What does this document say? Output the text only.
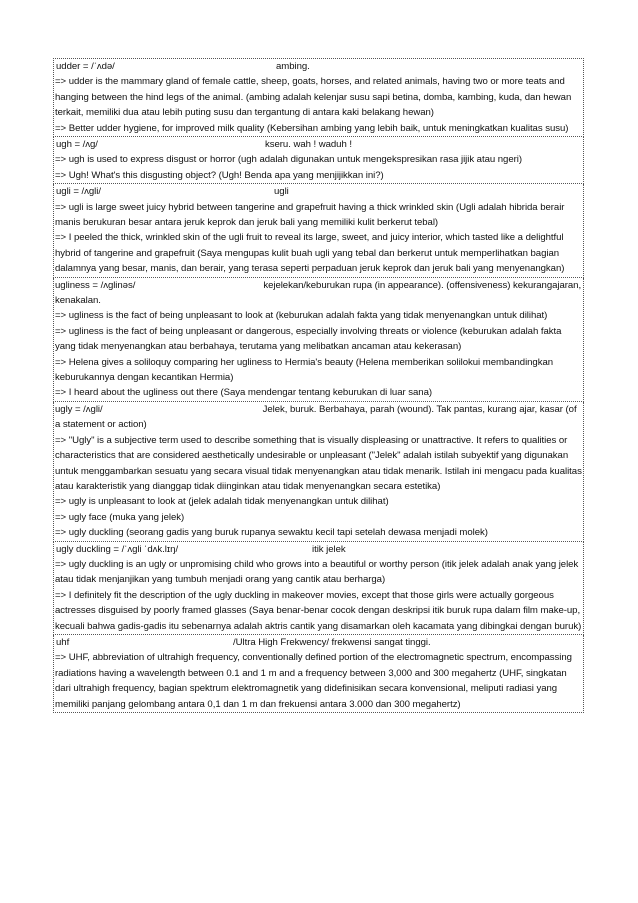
udder = /ˈʌdə/	ambing.
=> udder is the mammary gland of female cattle, sheep, goats, horses, and related animals, having two or more teats and hanging between the hind legs of the animal. (ambing adalah kelenjar susu sapi betina, domba, kambing, kuda, dan hewan terkait, memiliki dua atau lebih puting susu dan tergantung di antara kaki belakang hewan)
=> Better udder hygiene, for improved milk quality (Kebersihan ambing yang lebih baik, untuk meningkatkan kualitas susu)
ugh = /ʌg/	kseru. wah ! waduh !
=> ugh is used to express disgust or horror (ugh adalah digunakan untuk mengekspresikan rasa jijik atau ngeri)
=> Ugh! What's this disgusting object? (Ugh! Benda apa yang menjijikkan ini?)
ugli = /ʌgli/	ugli
=> ugli is large sweet juicy hybrid between tangerine and grapefruit having a thick wrinkled skin (Ugli adalah hibrida berair manis berukuran besar antara jeruk keprok dan jeruk bali yang memiliki kulit berkerut tebal)
=> I peeled the thick, wrinkled skin of the ugli fruit to reveal its large, sweet, and juicy interior, which tasted like a delightful hybrid of tangerine and grapefruit (Saya mengupas kulit buah ugli yang tebal dan berkerut untuk memperlihatkan bagian dalamnya yang besar, manis, dan berair, yang terasa seperti perpaduan jeruk keprok dan jeruk bali yang menyenangkan)
ugliness = /ʌglinəs/	kejelekan/keburukan rupa (in appearance). (offensiveness) kekurangajaran, kenakalan.
=> ugliness is the fact of being unpleasant to look at (keburukan adalah fakta yang tidak menyenangkan untuk dilihat)
=> ugliness is the fact of being unpleasant or dangerous, especially involving threats or violence (keburukan adalah fakta yang tidak menyenangkan atau berbahaya, terutama yang melibatkan ancaman atau kekerasan)
=> Helena gives a soliloquy comparing her ugliness to Hermia's beauty (Helena memberikan solilokui membandingkan keburukannya dengan kecantikan Hermia)
=> I heard about the ugliness out there (Saya mendengar tentang keburukan di luar sana)
ugly = /ʌgli/	Jelek, buruk. Berbahaya, parah (wound). Tak pantas, kurang ajar, kasar (of a statement or action)
=> "Ugly" is a subjective term used to describe something that is visually displeasing or unattractive. It refers to qualities or characteristics that are considered aesthetically undesirable or unpleasant ("Jelek" adalah istilah subyektif yang digunakan untuk menggambarkan sesuatu yang secara visual tidak menyenangkan atau tidak menarik. Istilah ini mengacu pada kualitas atau karakteristik yang dianggap tidak diinginkan atau tidak menyenangkan secara estetika)
=> ugly is unpleasant to look at (jelek adalah tidak menyenangkan untuk dilihat)
=> ugly face (muka yang jelek)
=> ugly duckling (seorang gadis yang buruk rupanya sewaktu kecil tapi setelah dewasa menjadi molek)
ugly duckling = /ˈʌgli ˈdʌk.lɪŋ/	itik jelek
=> ugly duckling is an ugly or unpromising child who grows into a beautiful or worthy person (itik jelek adalah anak yang jelek atau tidak menjanjikan yang tumbuh menjadi orang yang cantik atau berharga)
=> I definitely fit the description of the ugly duckling in makeover movies, except that those girls were actually gorgeous actresses disguised by poorly framed glasses (Saya benar-benar cocok dengan deskripsi itik buruk rupa dalam film make-up, kecuali bahwa gadis-gadis itu sebenarnya adalah aktris cantik yang disamarkan oleh kacamata yang dibingkai dengan buruk)
uhf	/Ultra High Frekwency/ frekwensi sangat tinggi.
=> UHF, abbreviation of ultrahigh frequency, conventionally defined portion of the electromagnetic spectrum, encompassing radiations having a wavelength between 0.1 and 1 m and a frequency between 3,000 and 300 megahertz (UHF, singkatan dari ultrahigh frequency, bagian spektrum elektromagnetik yang didefinisikan secara konvensional, meliputi radiasi yang memiliki panjang gelombang antara 0,1 dan 1 m dan frekuensi antara 3.000 dan 300 megahertz)
